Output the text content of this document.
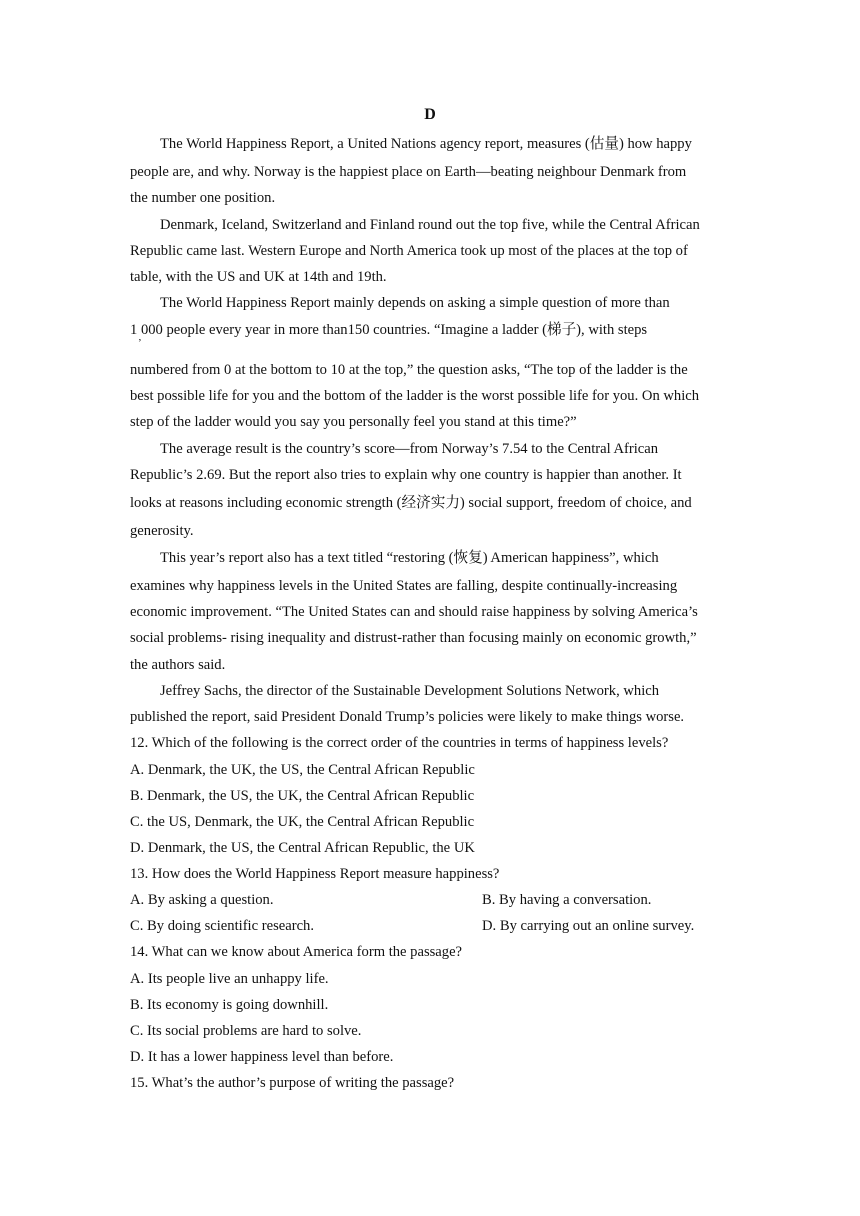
D
The World Happiness Report, a United Nations agency report, measures (估量) how happy
people are, and why. Norway is the happiest place on Earth—beating neighbour Denmark from
the number one position.
Denmark, Iceland, Switzerland and Finland round out the top five, while the Central African
Republic came last. Western Europe and North America took up most of the places at the top of
table, with the US and UK at 14th and 19th.
The World Happiness Report mainly depends on asking a simple question of more than
1 000 people every year in more than150 countries. “Imagine a ladder (梯子), with steps
’
numbered from 0 at the bottom to 10 at the top,” the question asks, “The top of the ladder is the
best possible life for you and the bottom of the ladder is the worst possible life for you. On which
step of the ladder would you say you personally feel you stand at this time?”
The average result is the country’s score—from Norway’s 7.54 to the Central African
Republic’s 2.69. But the report also tries to explain why one country is happier than another. It
looks at reasons including economic strength (经济实力) social support, freedom of choice, and
generosity.
This year’s report also has a text titled “restoring (恢复) American happiness”, which
examines why happiness levels in the United States are falling, despite continually-increasing
economic improvement. “The United States can and should raise happiness by solving America’s
social problems- rising inequality and distrust-rather than focusing mainly on economic growth,”
the authors said.
Jeffrey Sachs, the director of the Sustainable Development Solutions Network, which
published the report, said President Donald Trump’s policies were likely to make things worse.
12. Which of the following is the correct order of the countries in terms of happiness levels?
A. Denmark, the UK, the US, the Central African Republic
B. Denmark, the US, the UK, the Central African Republic
C. the US, Denmark, the UK, the Central African Republic
D. Denmark, the US, the Central African Republic, the UK
13. How does the World Happiness Report measure happiness?
A. By asking a question.	B. By having a conversation.
C. By doing scientific research.	D. By carrying out an online survey.
14. What can we know about America form the passage?
A. Its people live an unhappy life.
B. Its economy is going downhill.
C. Its social problems are hard to solve.
D. It has a lower happiness level than before.
15. What’s the author’s purpose of writing the passage?
